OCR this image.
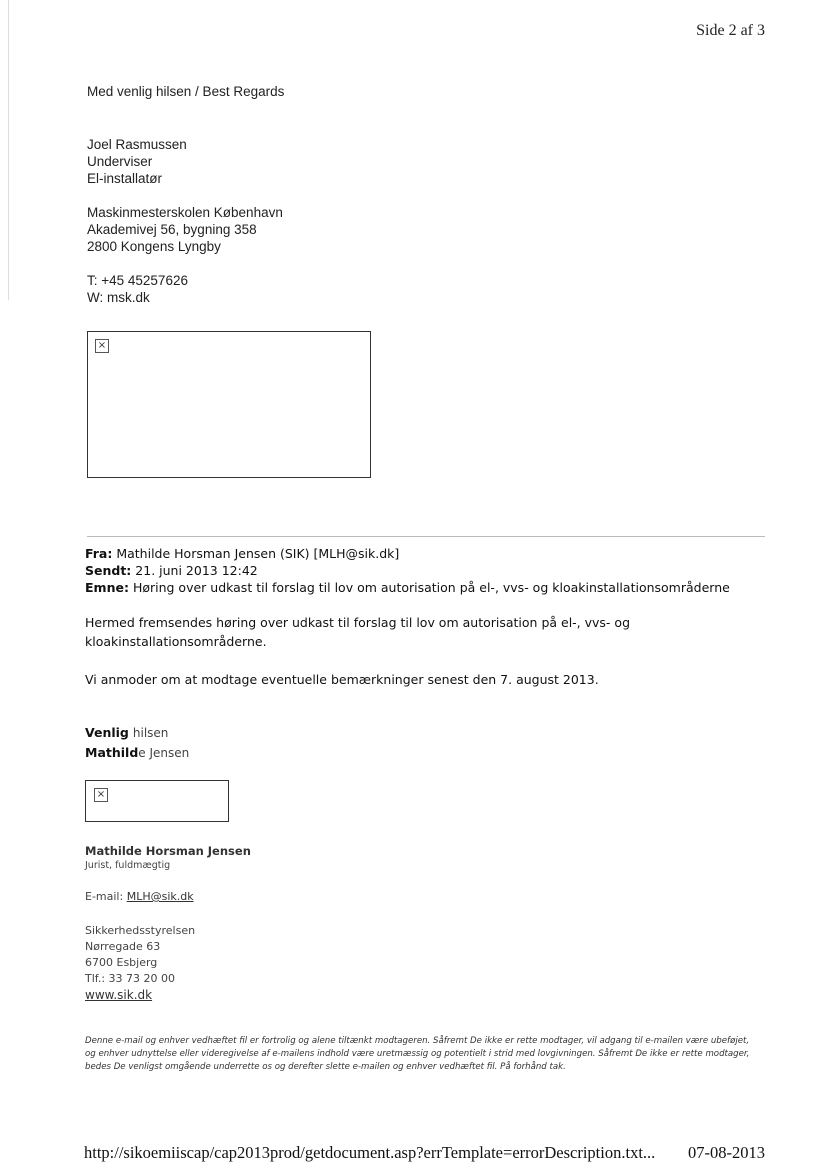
Side 2 af 3
Med venlig hilsen / Best Regards
Joel Rasmussen
Underviser
El-installatør
Maskinmesterskolen København
Akademivej 56, bygning 358
2800 Kongens Lyngby
T: +45 45257626
W: msk.dk
×
Fra: Mathilde Horsman Jensen (SIK) [MLH@sik.dk]
Sendt: 21. juni 2013 12:42
Emne: Høring over udkast til forslag til lov om autorisation på el-, vvs- og kloakinstallationsområderne
Hermed fremsendes høring over udkast til forslag til lov om autorisation på el-, vvs- og
kloakinstallationsområderne.
Vi anmoder om at modtage eventuelle bemærkninger senest den 7. august 2013.
Venlig hilsen
Mathilde Jensen
×
Mathilde Horsman Jensen
Jurist, fuldmægtig
E-mail: MLH@sik.dk
Sikkerhedsstyrelsen
Nørregade 63
6700 Esbjerg
Tlf.: 33 73 20 00
www.sik.dk
Denne e-mail og enhver vedhæftet fil er fortrolig og alene tiltænkt modtageren. Såfremt De ikke er rette modtager, vil adgang til e-mailen være ubeføjet, og enhver udnyttelse eller videregivelse af e-mailens indhold være uretmæssig og potentielt i strid med lovgivningen. Såfremt De ikke er rette modtager, bedes De venligst omgående underrette os og derefter slette e-mailen og enhver vedhæftet fil. På forhånd tak.
http://sikoemiiscap/cap2013prod/getdocument.asp?errTemplate=errorDescription.txt... 07-08-2013
